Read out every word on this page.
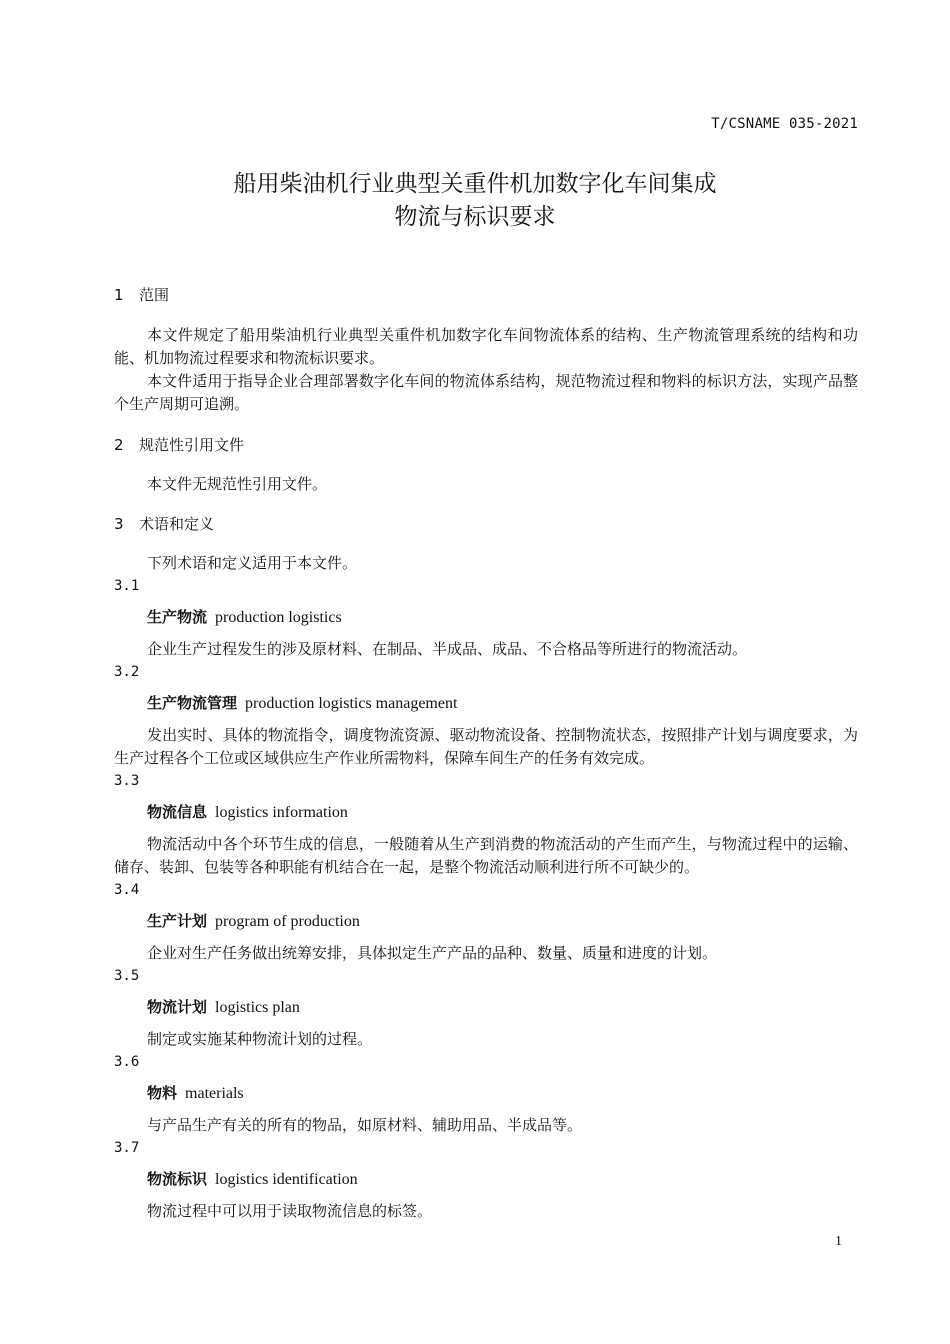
T/CSNAME 035-2021
船用柴油机行业典型关重件机加数字化车间集成
物流与标识要求
1 范围
本文件规定了船用柴油机行业典型关重件机加数字化车间物流体系的结构、生产物流管理系统的结构和功能、机加物流过程要求和物流标识要求。
本文件适用于指导企业合理部署数字化车间的物流体系结构，规范物流过程和物料的标识方法，实现产品整个生产周期可追溯。
2 规范性引用文件
本文件无规范性引用文件。
3 术语和定义
下列术语和定义适用于本文件。
3.1
生产物流 production logistics
企业生产过程发生的涉及原材料、在制品、半成品、成品、不合格品等所进行的物流活动。
3.2
生产物流管理 production logistics management
发出实时、具体的物流指令，调度物流资源、驱动物流设备、控制物流状态，按照排产计划与调度要求，为生产过程各个工位或区域供应生产作业所需物料，保障车间生产的任务有效完成。
3.3
物流信息 logistics information
物流活动中各个环节生成的信息，一般随着从生产到消费的物流活动的产生而产生，与物流过程中的运输、储存、装卸、包装等各种职能有机结合在一起，是整个物流活动顺利进行所不可缺少的。
3.4
生产计划 program of production
企业对生产任务做出统筹安排，具体拟定生产产品的品种、数量、质量和进度的计划。
3.5
物流计划 logistics plan
制定或实施某种物流计划的过程。
3.6
物料 materials
与产品生产有关的所有的物品，如原材料、辅助用品、半成品等。
3.7
物流标识 logistics identification
物流过程中可以用于读取物流信息的标签。
1
